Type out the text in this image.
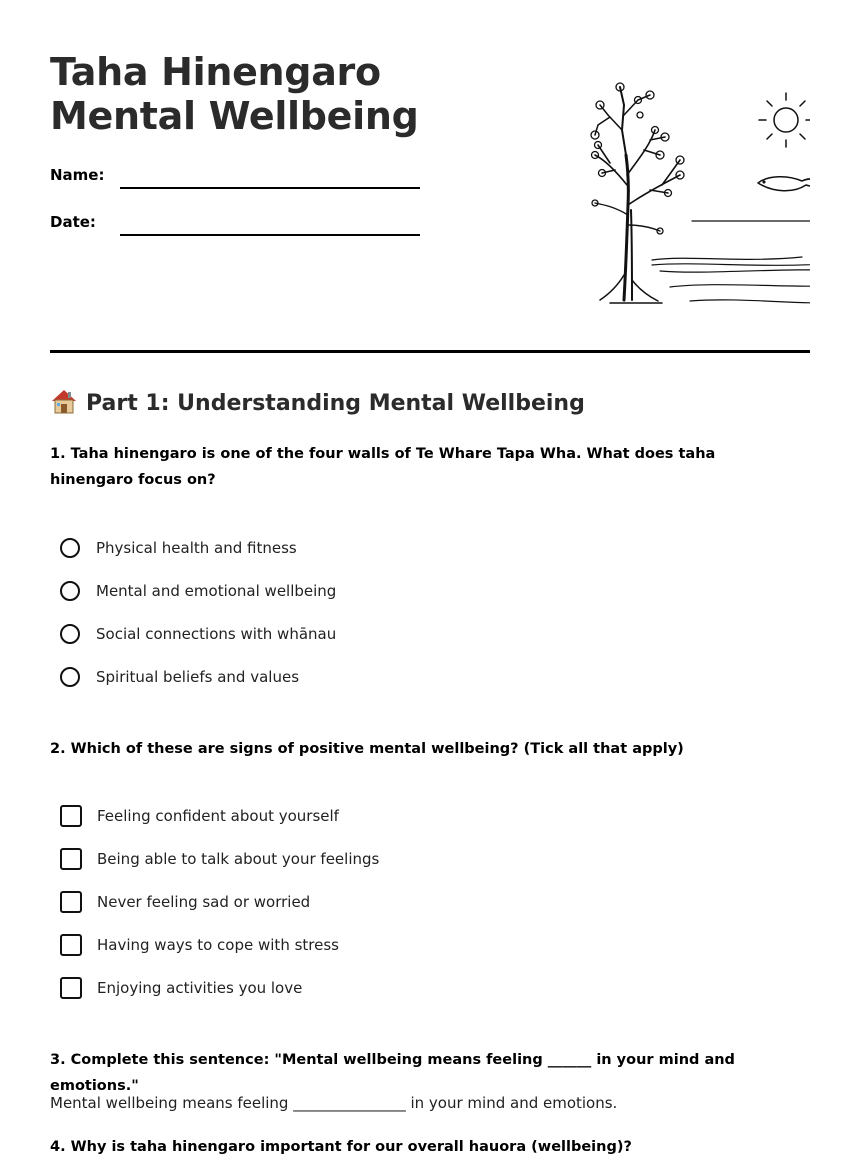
Taha Hinengaro Mental Wellbeing
Name:
Date:
Part 1: Understanding Mental Wellbeing

1. Taha hinengaro is one of the four walls of Te Whare Tapa Wha. What does taha hinengaro focus on?

Physical health and fitness
Mental and emotional wellbeing
Social connections with whānau
Spiritual beliefs and values

2. Which of these are signs of positive mental wellbeing? (Tick all that apply)

Feeling confident about yourself
Being able to talk about your feelings
Never feeling sad or worried
Having ways to cope with stress
Enjoying activities you love

3. Complete this sentence: "Mental wellbeing means feeling ______ in your mind and emotions."

Mental wellbeing means feeling _______________ in your mind and emotions.

4. Why is taha hinengaro important for our overall hauora (wellbeing)?
